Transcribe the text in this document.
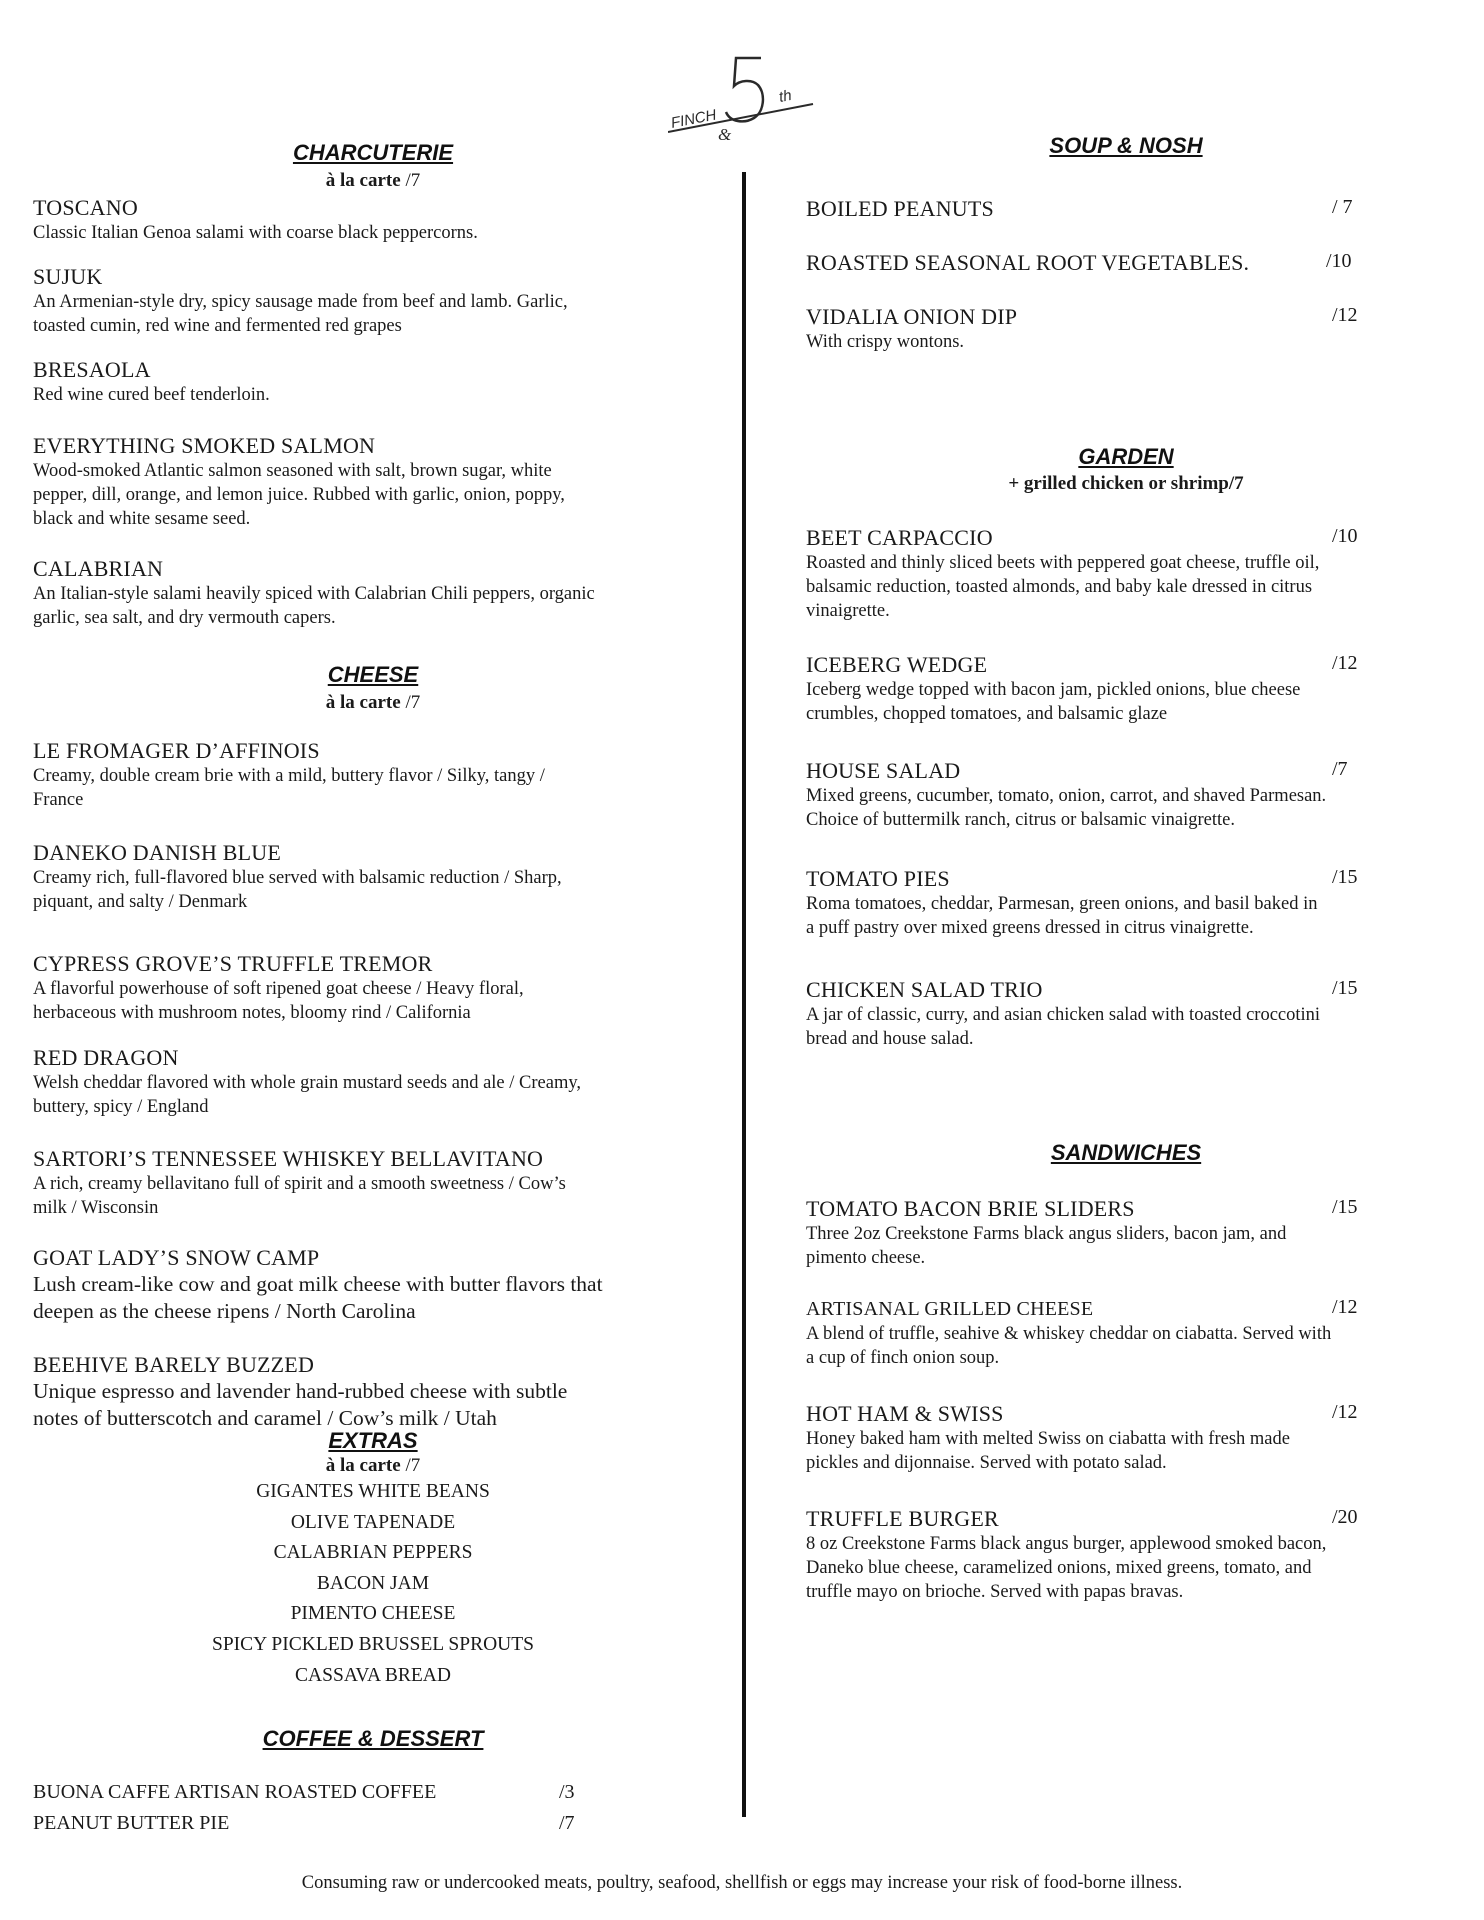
FINCH
&
th
CHARCUTERIE
à la carte /7
TOSCANO
Classic Italian Genoa salami with coarse black peppercorns.
SUJUK
An Armenian-style dry, spicy sausage made from beef and lamb. Garlic,
toasted cumin, red wine and fermented red grapes
BRESAOLA
Red wine cured beef tenderloin.
EVERYTHING SMOKED SALMON
Wood-smoked Atlantic salmon seasoned with salt, brown sugar, white
pepper, dill, orange, and lemon juice. Rubbed with garlic, onion, poppy,
black and white sesame seed.
CALABRIAN
An Italian-style salami heavily spiced with Calabrian Chili peppers, organic
garlic, sea salt, and dry vermouth capers.
CHEESE
à la carte /7
LE FROMAGER D’AFFINOIS
Creamy, double cream brie with a mild, buttery flavor / Silky, tangy /
France
DANEKO DANISH BLUE
Creamy rich, full-flavored blue served with balsamic reduction / Sharp,
piquant, and salty / Denmark
CYPRESS GROVE’S TRUFFLE TREMOR
A flavorful powerhouse of soft ripened goat cheese / Heavy floral,
herbaceous with mushroom notes, bloomy rind / California
RED DRAGON
Welsh cheddar flavored with whole grain mustard seeds and ale / Creamy,
buttery, spicy / England
SARTORI’S TENNESSEE WHISKEY BELLAVITANO
A rich, creamy bellavitano full of spirit and a smooth sweetness / Cow’s
milk / Wisconsin
GOAT LADY’S SNOW CAMP
Lush cream-like cow and goat milk cheese with butter flavors that
deepen as the cheese ripens / North Carolina
BEEHIVE BARELY BUZZED
Unique espresso and lavender hand-rubbed cheese with subtle
notes of butterscotch and caramel / Cow’s milk / Utah
EXTRAS
à la carte /7
GIGANTES WHITE BEANS
OLIVE TAPENADE
CALABRIAN PEPPERS
BACON JAM
PIMENTO CHEESE
SPICY PICKLED BRUSSEL SPROUTS
CASSAVA BREAD
COFFEE & DESSERT
BUONA CAFFE ARTISAN ROASTED COFFEE	/3
PEANUT BUTTER PIE	/7
SOUP & NOSH
BOILED PEANUTS	/ 7
ROASTED SEASONAL ROOT VEGETABLES.	/10
VIDALIA ONION DIP	/12
With crispy wontons.
GARDEN
+ grilled chicken or shrimp/7
BEET CARPACCIO	/10
Roasted and thinly sliced beets with peppered goat cheese, truffle oil,
balsamic reduction, toasted almonds, and baby kale dressed in citrus
vinaigrette.
ICEBERG WEDGE	/12
Iceberg wedge topped with bacon jam, pickled onions, blue cheese
crumbles, chopped tomatoes, and balsamic glaze
HOUSE SALAD	/7
Mixed greens, cucumber, tomato, onion, carrot, and shaved Parmesan.
Choice of buttermilk ranch, citrus or balsamic vinaigrette.
TOMATO PIES	/15
Roma tomatoes, cheddar, Parmesan, green onions, and basil baked in
a puff pastry over mixed greens dressed in citrus vinaigrette.
CHICKEN SALAD TRIO	/15
A jar of classic, curry, and asian chicken salad with toasted croccotini
bread and house salad.
SANDWICHES
TOMATO BACON BRIE SLIDERS	/15
Three 2oz Creekstone Farms black angus sliders, bacon jam, and
pimento cheese.
ARTISANAL GRILLED CHEESE	/12
A blend of truffle, seahive & whiskey cheddar on ciabatta. Served with
a cup of finch onion soup.
HOT HAM & SWISS	/12
Honey baked ham with melted Swiss on ciabatta with fresh made
pickles and dijonnaise. Served with potato salad.
TRUFFLE BURGER	/20
8 oz Creekstone Farms black angus burger, applewood smoked bacon,
Daneko blue cheese, caramelized onions, mixed greens, tomato, and
truffle mayo on brioche. Served with papas bravas.
Consuming raw or undercooked meats, poultry, seafood, shellfish or eggs may increase your risk of food-borne illness.
